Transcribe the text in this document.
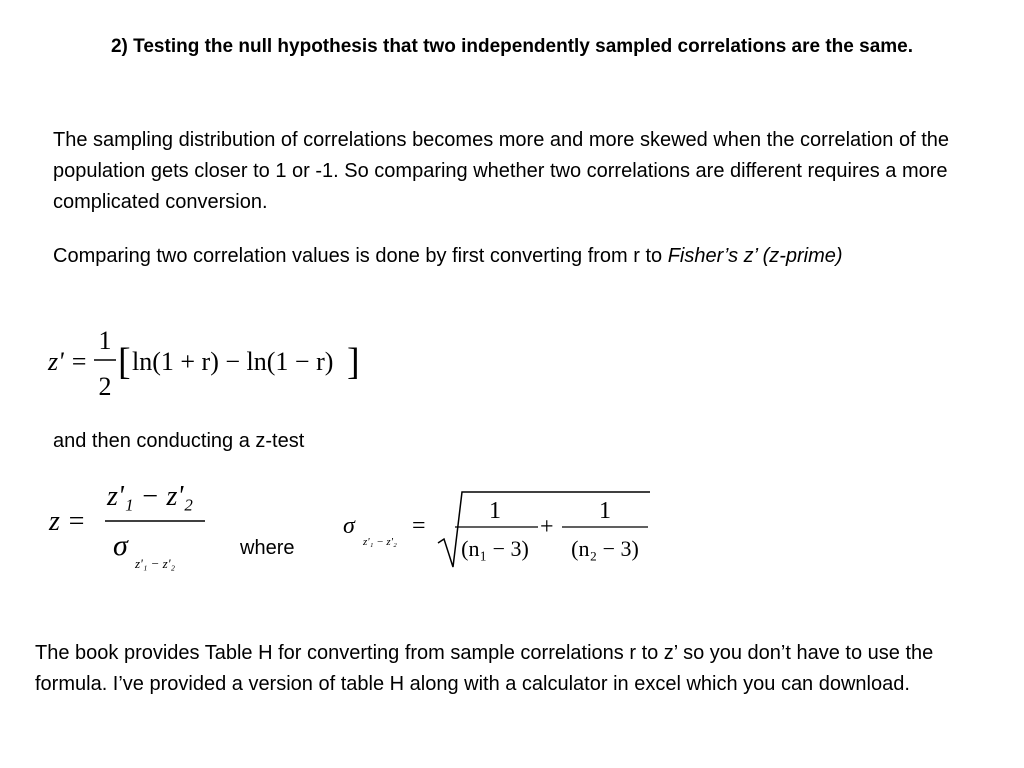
2) Testing the null hypothesis that two independently sampled correlations are the same.
The sampling distribution of correlations becomes more and more skewed when the correlation of the population gets closer to 1 or -1. So comparing whether two correlations are different requires a more complicated conversion.
Comparing two correlation values is done by first converting from r to Fisher’s z’ (z-prime)
z' =
1
2
[ ln(1 + r) − ln(1 − r) ]
and then conducting a z-test
z =
z'₁ − z'₂
σ
z'₁ − z'₂
where
σ
z'₁ − z'₂
=
1
(n₁ − 3)
+
1
(n₂ − 3)
The book provides Table H for converting from sample correlations r to z’ so you don’t have to use the formula. I’ve provided a version of table H along with a calculator in excel which you can download.
